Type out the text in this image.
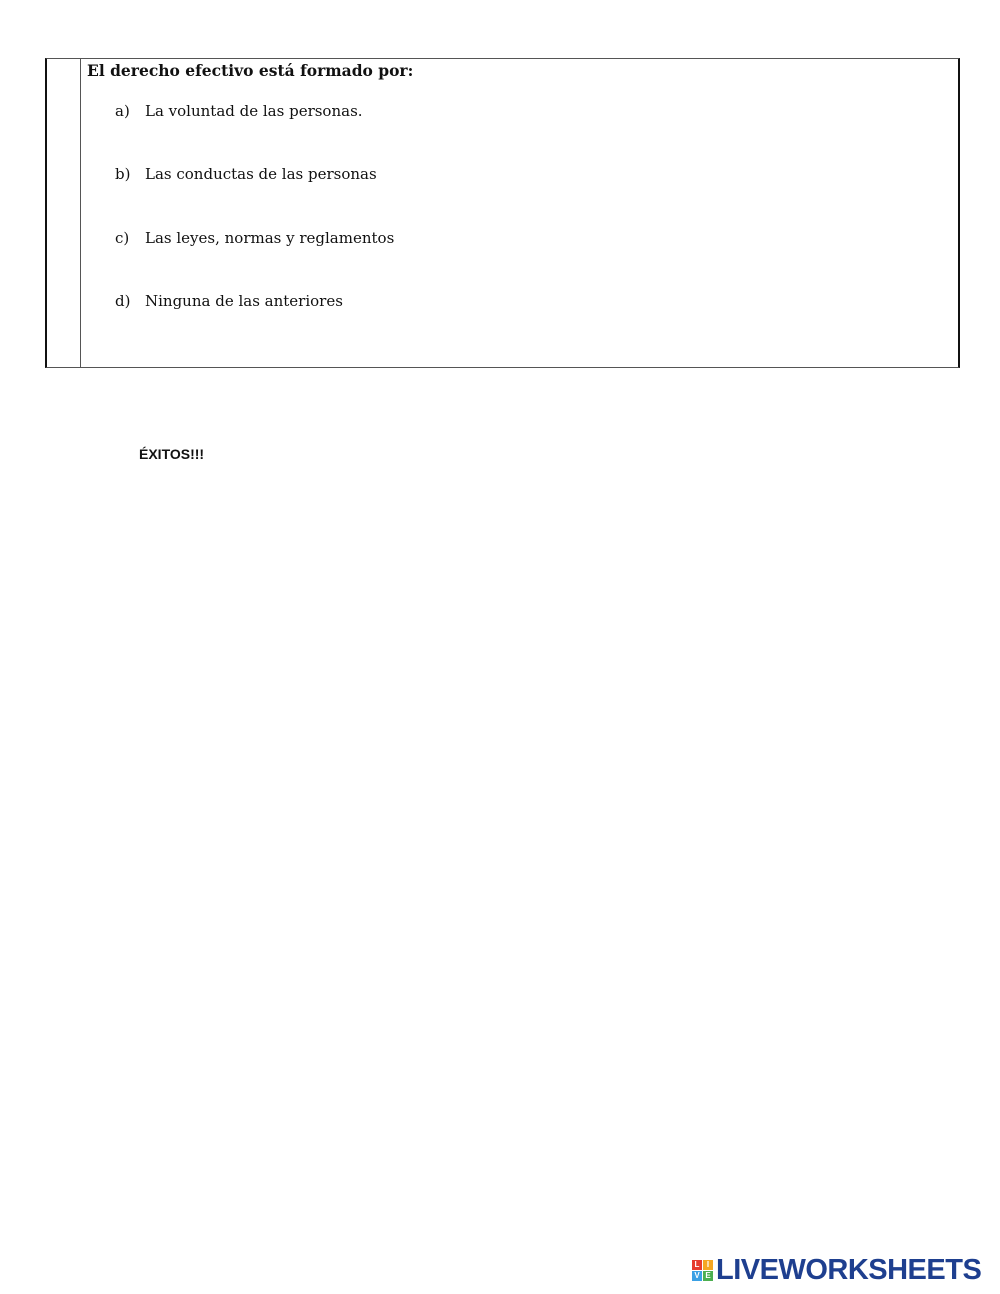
El derecho efectivo está formado por:
a) La voluntad de las personas.
b) Las conductas de las personas
c) Las leyes, normas y reglamentos
d) Ninguna de las anteriores
ÉXITOS!!!
L I
V E LIVEWORKSHEETS
